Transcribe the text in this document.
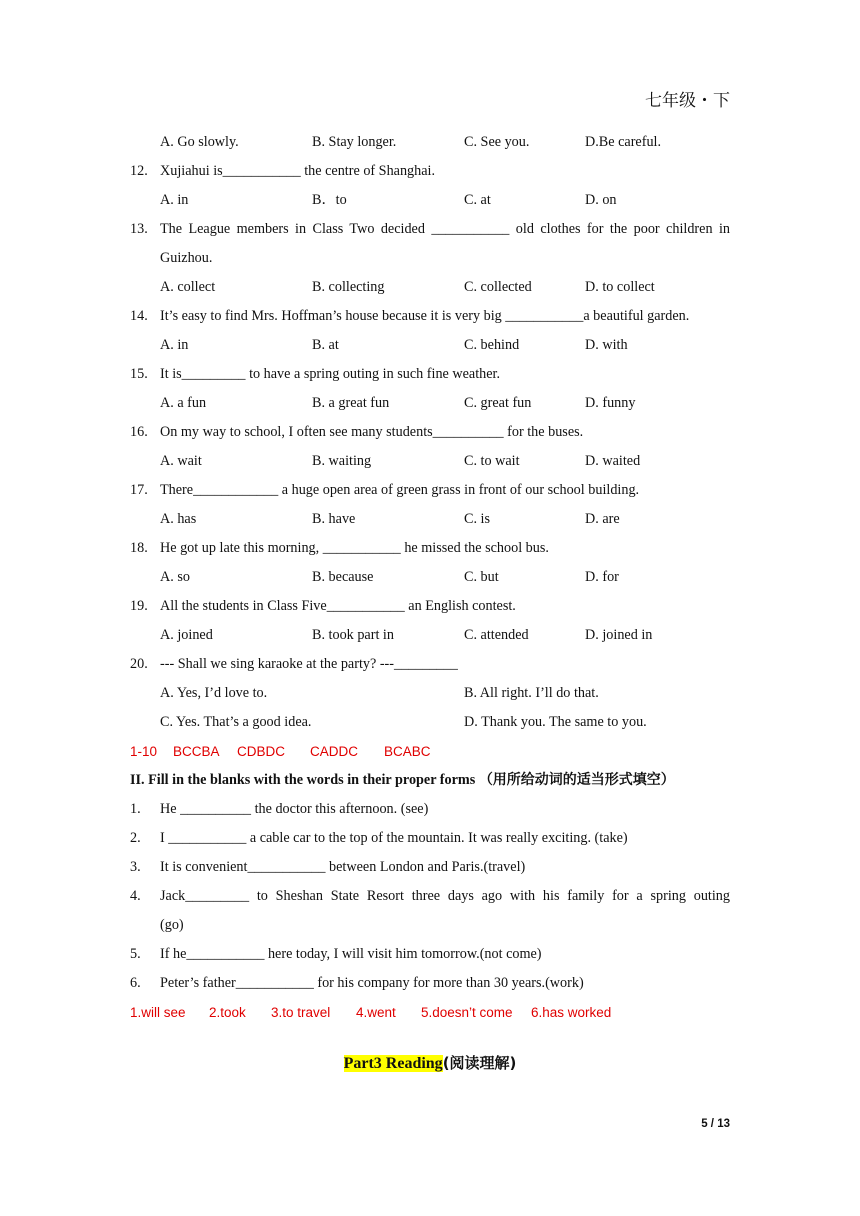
七年级・下
A. Go slowly.	B. Stay longer.	C. See you.	D.Be careful.
12. Xujiahui is___________ the centre of Shanghai.
A. in	B．to	C. at	D. on
13. The League members in Class Two decided ___________ old clothes for the poor children in
Guizhou.
A. collect	B. collecting	C. collected	D. to collect
14. It’s easy to find Mrs. Hoffman’s house because it is very big ___________a beautiful garden.
A. in	B. at	C. behind	D. with
15. It is_________ to have a spring outing in such fine weather.
A. a fun	B. a great fun	C. great fun	D. funny
16. On my way to school, I often see many students__________ for the buses.
A. wait	B. waiting	C. to wait	D. waited
17. There____________ a huge open area of green grass in front of our school building.
A. has	B. have	C. is	D. are
18. He got up late this morning, ___________ he missed the school bus.
A. so	B. because	C. but	D. for
19. All the students in Class Five___________ an English contest.
A. joined	B. took part in	C. attended	D. joined in
20. --- Shall we sing karaoke at the party? ---_________
A. Yes, I’d love to.	B. All right. I’ll do that.
C. Yes. That’s a good idea.	D. Thank you. The same to you.
1-10 BCCBA CDBDC CADDC BCABC
II. Fill in the blanks with the words in their proper forms （用所给动词的适当形式填空）
1.	He __________ the doctor this afternoon. (see)
2.	I ___________ a cable car to the top of the mountain. It was really exciting. (take)
3.	It is convenient___________ between London and Paris.(travel)
4.	Jack_________ to Sheshan State Resort three days ago with his family for a spring outing
(go)
5.	If he___________ here today, I will visit him tomorrow.(not come)
6.	Peter’s father___________ for his company for more than 30 years.(work)
1.will see 2.took 3.to travel 4.went 5.doesn’t come 6.has worked
Part3 Reading(阅读理解)
5 / 13
